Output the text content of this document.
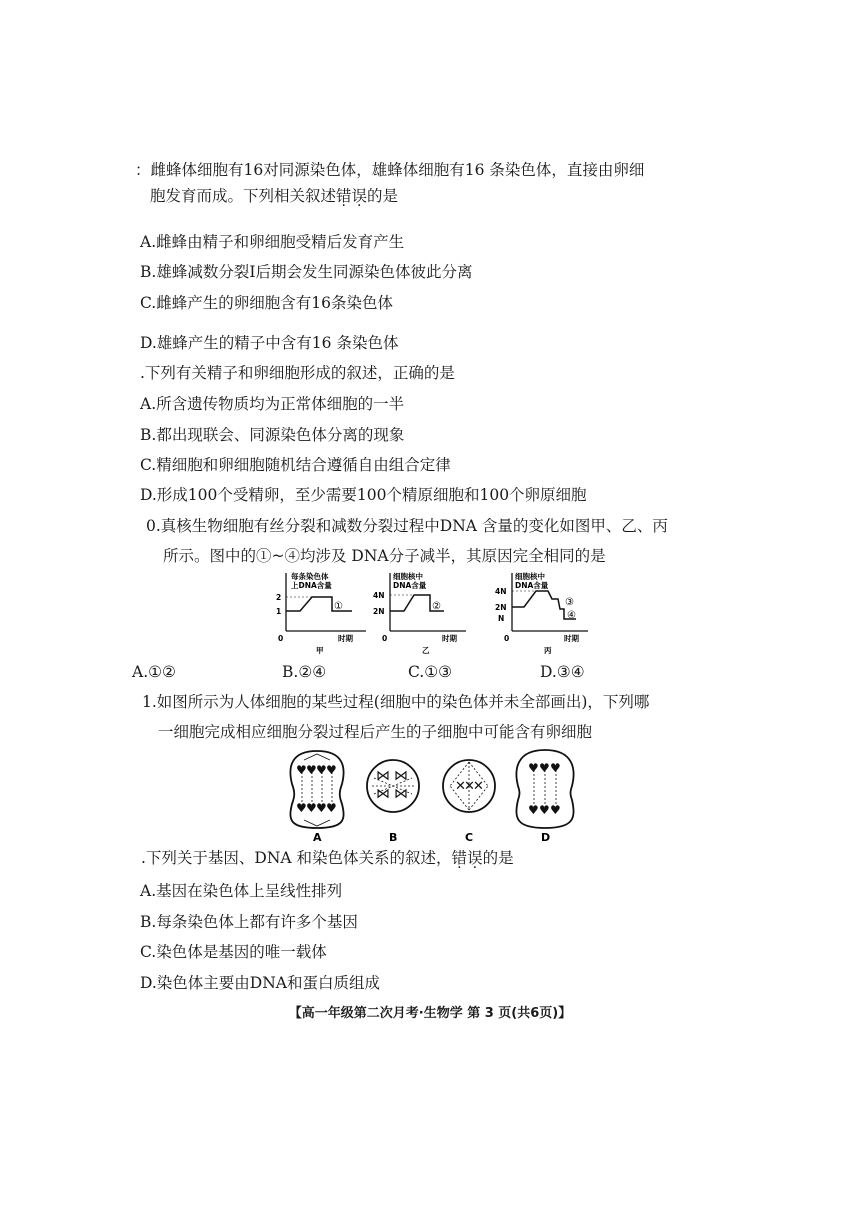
：雌蜂体细胞有16对同源染色体，雄蜂体细胞有16 条染色体，直接由卵细
胞发育而成。下列相关叙述错误的是
A.雌蜂由精子和卵细胞受精后发育产生
B.雄蜂减数分裂Ⅰ后期会发生同源染色体彼此分离
C.雌蜂产生的卵细胞含有16条染色体
D.雄蜂产生的精子中含有16 条染色体
.下列有关精子和卵细胞形成的叙述，正确的是
A.所含遗传物质均为正常体细胞的一半
B.都出现联会、同源染色体分离的现象
C.精细胞和卵细胞随机结合遵循自由组合定律
D.形成100个受精卵，至少需要100个精原细胞和100个卵原细胞
0.真核生物细胞有丝分裂和减数分裂过程中DNA 含量的变化如图甲、乙、丙
所示。图中的①~④均涉及 DNA分子减半，其原因完全相同的是
每条染色体
上DNA含量
2
1
0	时期
①
甲
细胞核中
DNA含量
4N
2N
0	时期
②
乙
细胞核中
DNA含量
4N
2N
N
0	时期
③
④
丙
A.①②	B.②④	C.①③	D.③④
1.如图所示为人体细胞的某些过程(细胞中的染色体并未全部画出)，下列哪
一细胞完成相应细胞分裂过程后产生的子细胞中可能含有卵细胞
♥ ♥ ♥ ♥
♥ ♥ ♥ ♥
A
⋈ ⋈
⋈ ⋈
B
✕
✕
✕
C
♥ ♥ ♥
♥ ♥ ♥
D
.下列关于基因、DNA 和染色体关系的叙述，错误的是
A.基因在染色体上呈线性排列
B.每条染色体上都有许多个基因
C.染色体是基因的唯一载体
D.染色体主要由DNA和蛋白质组成
【高一年级第二次月考·生物学 第 3 页(共6页)】
